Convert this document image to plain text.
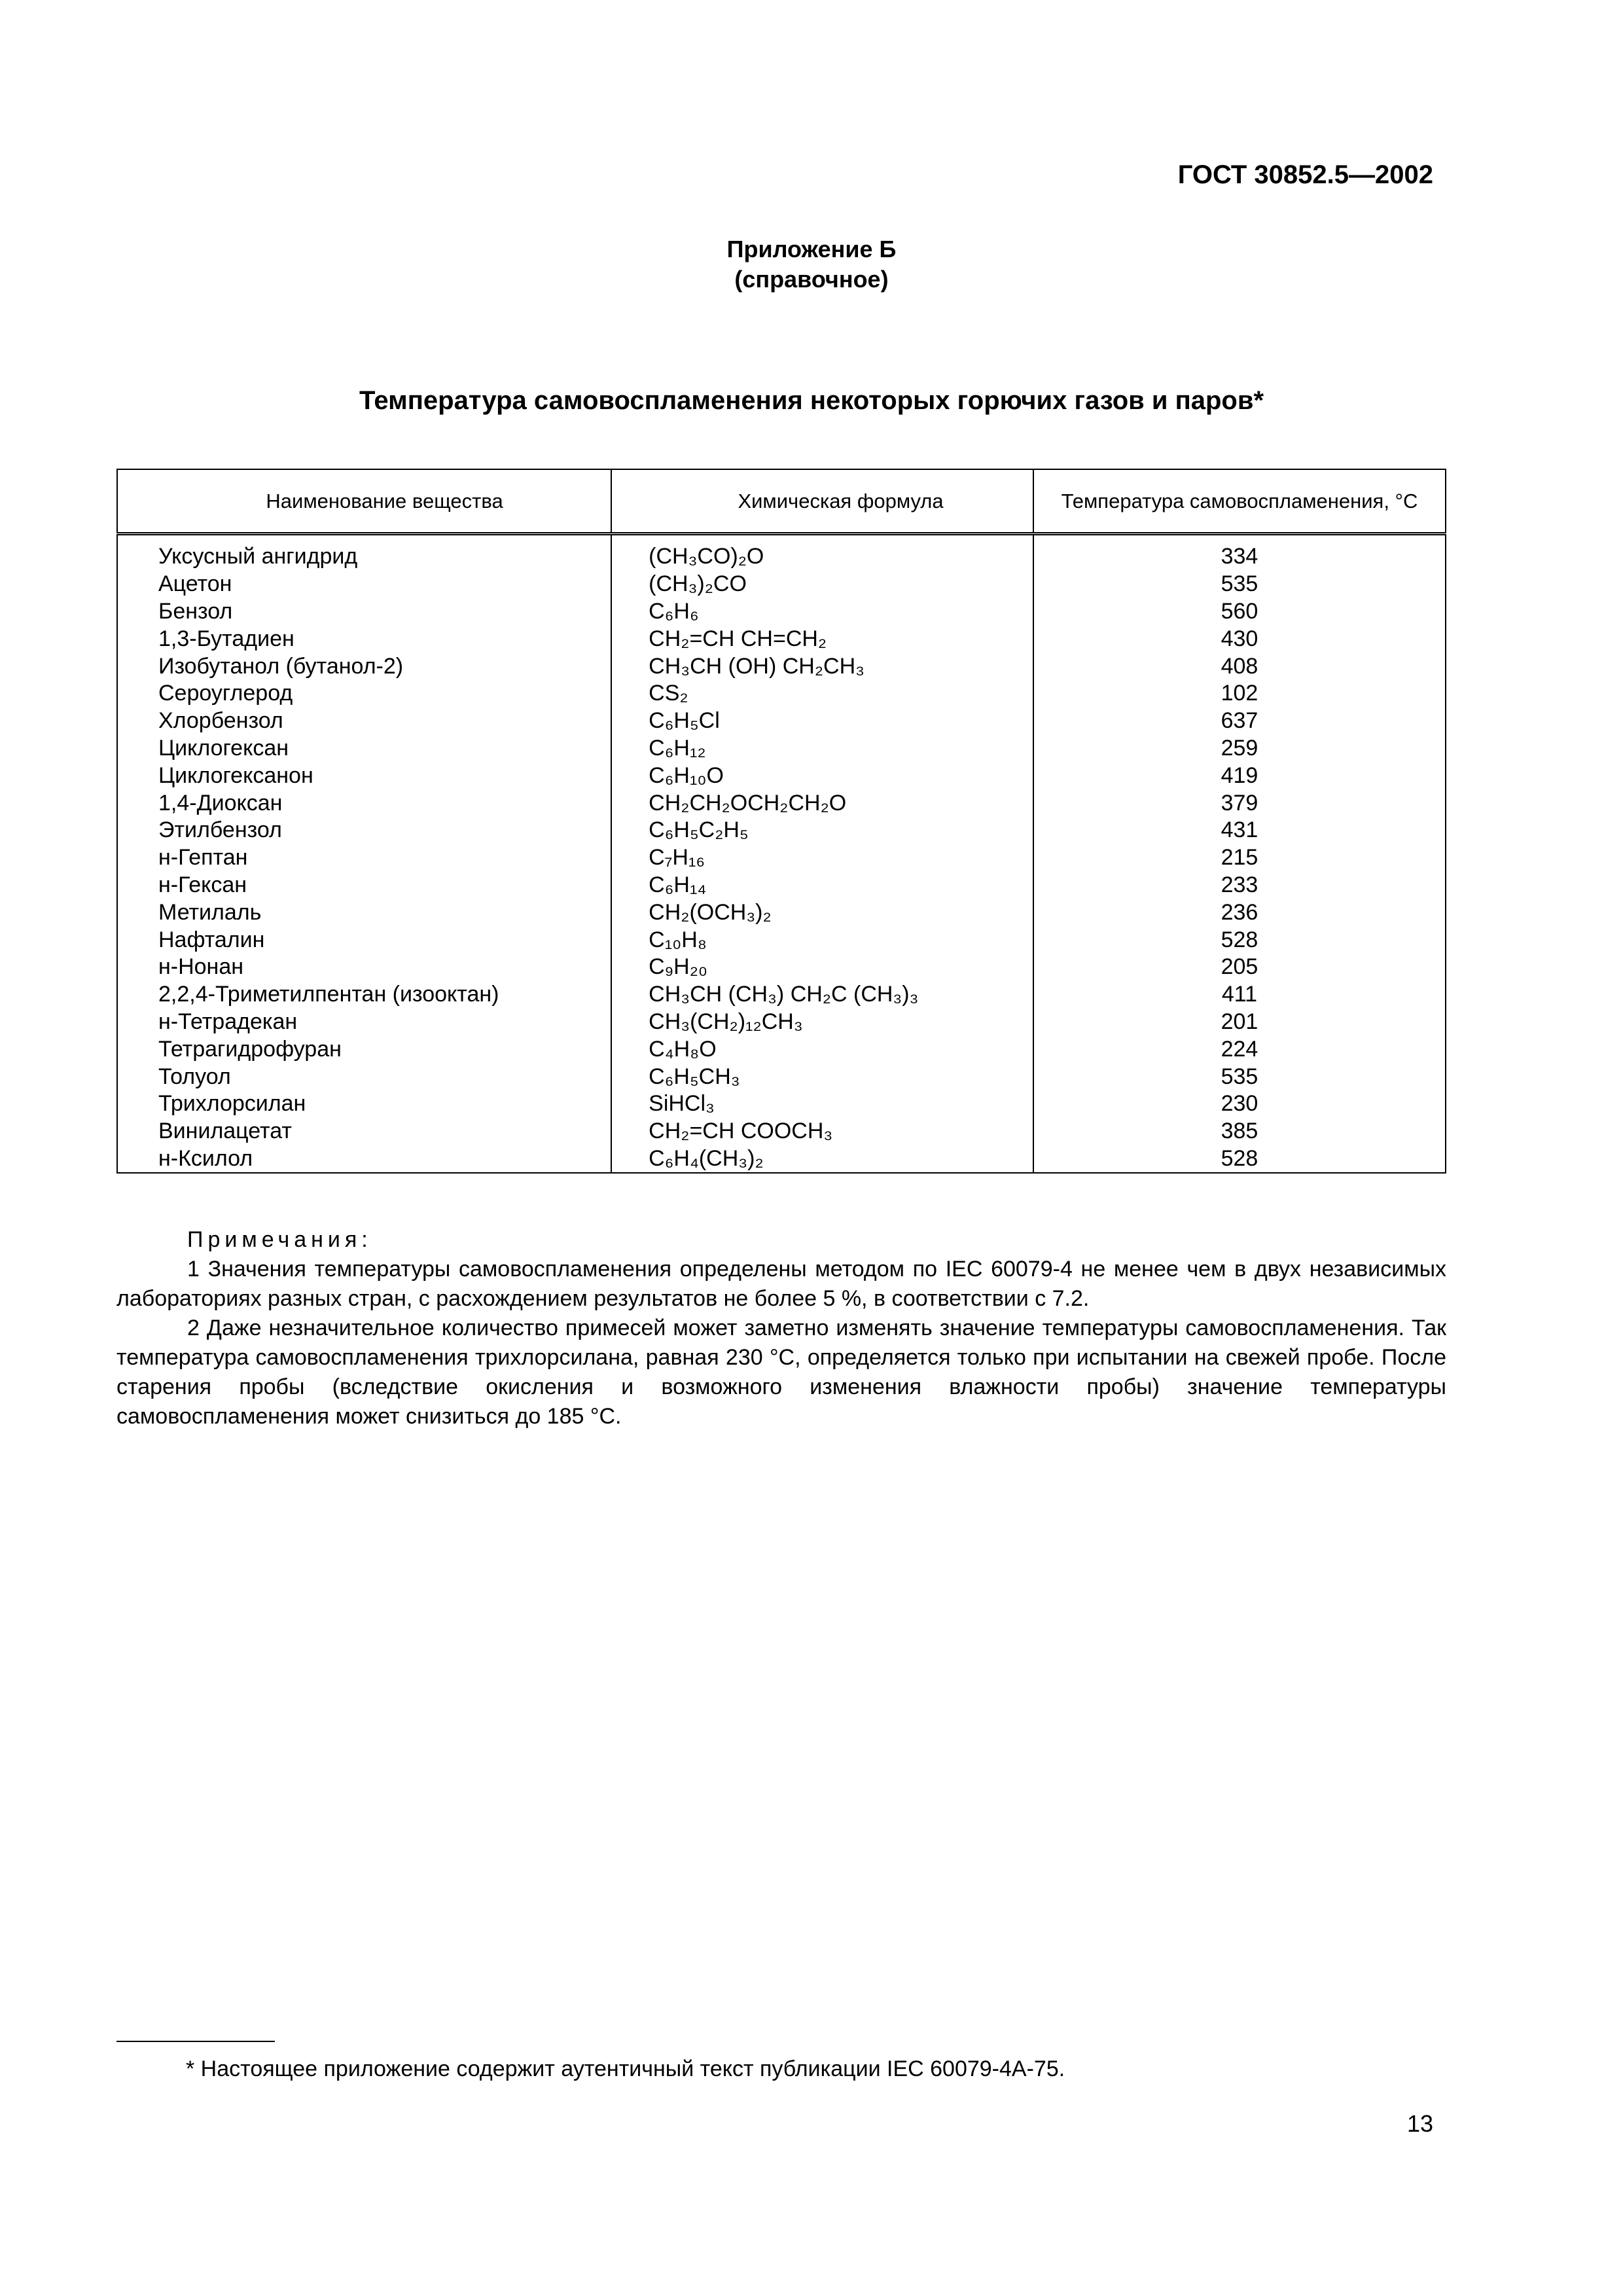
ГОСТ 30852.5—2002
Приложение Б
(справочное)
Температура самовоспламенения некоторых горючих газов и паров*
Наименование вещества	Химическая формула	Температура самовоспламенения, °С
Уксусный ангидрид	(CH₃CO)₂O	334
Ацетон	(CH₃)₂CO	535
Бензол	C₆H₆	560
1,3-Бутадиен	CH₂=CH CH=CH₂	430
Изобутанол (бутанол-2)	CH₃CH (OH) CH₂CH₃	408
Сероуглерод	CS₂	102
Хлорбензол	C₆H₅Cl	637
Циклогексан	C₆H₁₂	259
Циклогексанон	C₆H₁₀O	419
1,4-Диоксан	CH₂CH₂OCH₂CH₂O	379
Этилбензол	C₆H₅C₂H₅	431
н-Гептан	C₇H₁₆	215
н-Гексан	C₆H₁₄	233
Метилаль	CH₂(OCH₃)₂	236
Нафталин	C₁₀H₈	528
н-Нонан	C₉H₂₀	205
2,2,4-Триметилпентан (изооктан)	CH₃CH (CH₃) CH₂C (CH₃)₃	411
н-Тетрадекан	CH₃(CH₂)₁₂CH₃	201
Тетрагидрофуран	C₄H₈O	224
Толуол	C₆H₅CH₃	535
Трихлорсилан	SiHCl₃	230
Винилацетат	CH₂=CH COOCH₃	385
н-Ксилол	C₆H₄(CH₃)₂	528
Примечания:

1 Значения температуры самовоспламенения определены методом по IEC 60079-4 не менее чем в двух независимых лабораториях разных стран, с расхождением результатов не более 5 %, в соответствии с 7.2.

2 Даже незначительное количество примесей может заметно изменять значение температуры самовоспламенения. Так температура самовоспламенения трихлорсилана, равная 230 °С, определяется только при испытании на свежей пробе. После старения пробы (вследствие окисления и возможного изменения влажности пробы) значение температуры самовоспламенения может снизиться до 185 °С.

* Настоящее приложение содержит аутентичный текст публикации IEC 60079-4А-75.
13
